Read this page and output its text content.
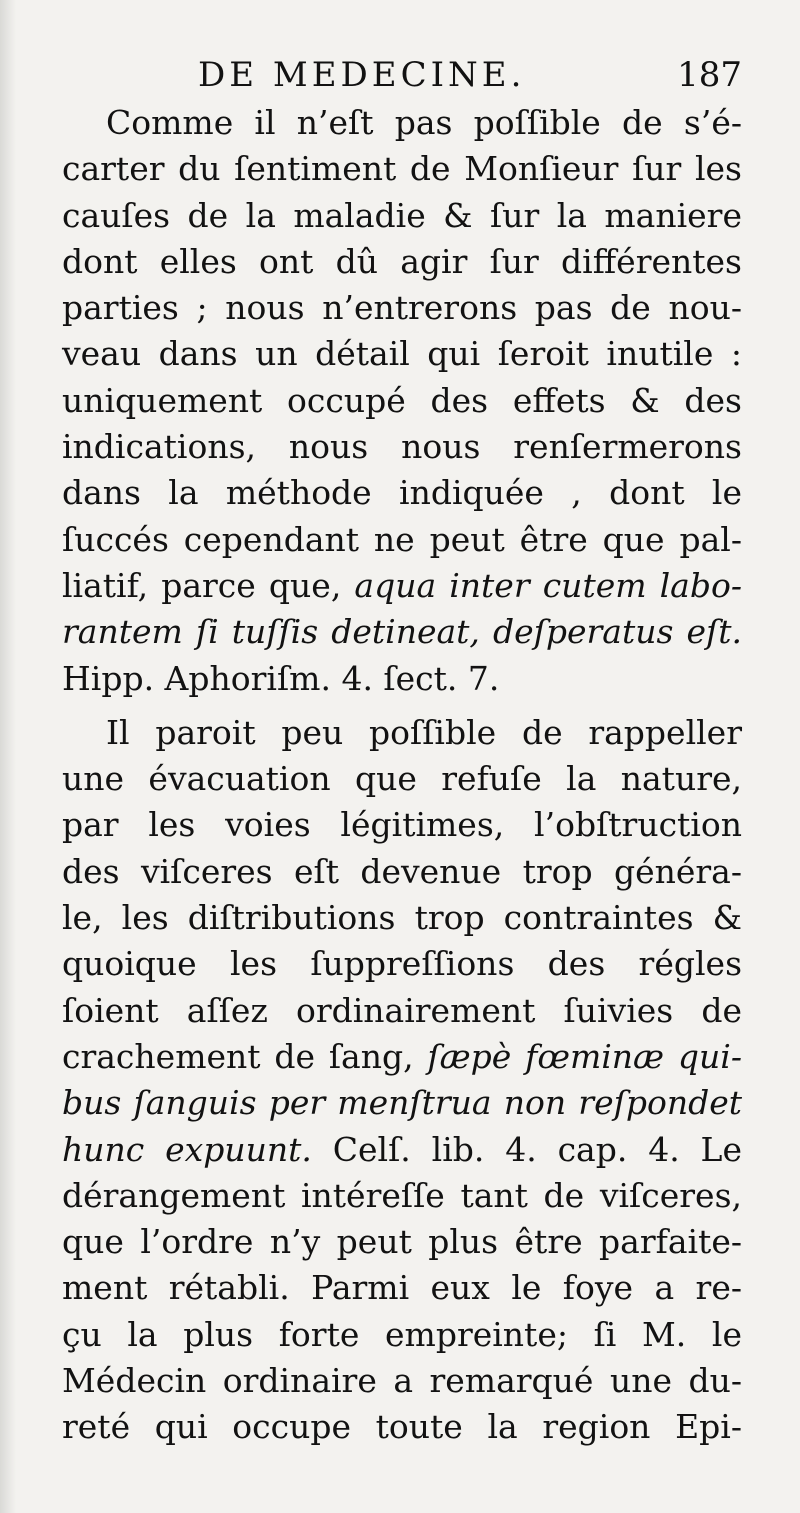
DE MEDECINE.	187
Comme il n’eſt pas poſſible de s’é-
carter du ſentiment de Monſieur ſur les
cauſes de la maladie & ſur la maniere
dont elles ont dû agir ſur différentes
parties ; nous n’entrerons pas de nou-
veau dans un détail qui ſeroit inutile :
uniquement occupé des effets & des
indications, nous nous renſermerons
dans la méthode indiquée , dont le
ſuccés cependant ne peut être que pal-
liatif, parce que, aqua inter cutem labo-
rantem ſi tuſſis detineat, deſperatus eſt.
Hipp. Aphoriſm. 4. ſect. 7.
Il paroit peu poſſible de rappeller
une évacuation que refuſe la nature,
par les voies légitimes, l’obſtruction
des viſceres eſt devenue trop généra-
le, les diſtributions trop contraintes &
quoique les ſuppreſſions des régles
ſoient aſſez ordinairement ſuivies de
crachement de ſang, ſæpè fœminæ qui-
bus ſanguis per menſtrua non reſpondet
hunc expuunt. Celſ. lib. 4. cap. 4. Le
dérangement intéreſſe tant de viſceres,
que l’ordre n’y peut plus être parfaite-
ment rétabli. Parmi eux le foye a re-
çu la plus forte empreinte; ſi M. le
Médecin ordinaire a remarqué une du-
reté qui occupe toute la region Epi-
